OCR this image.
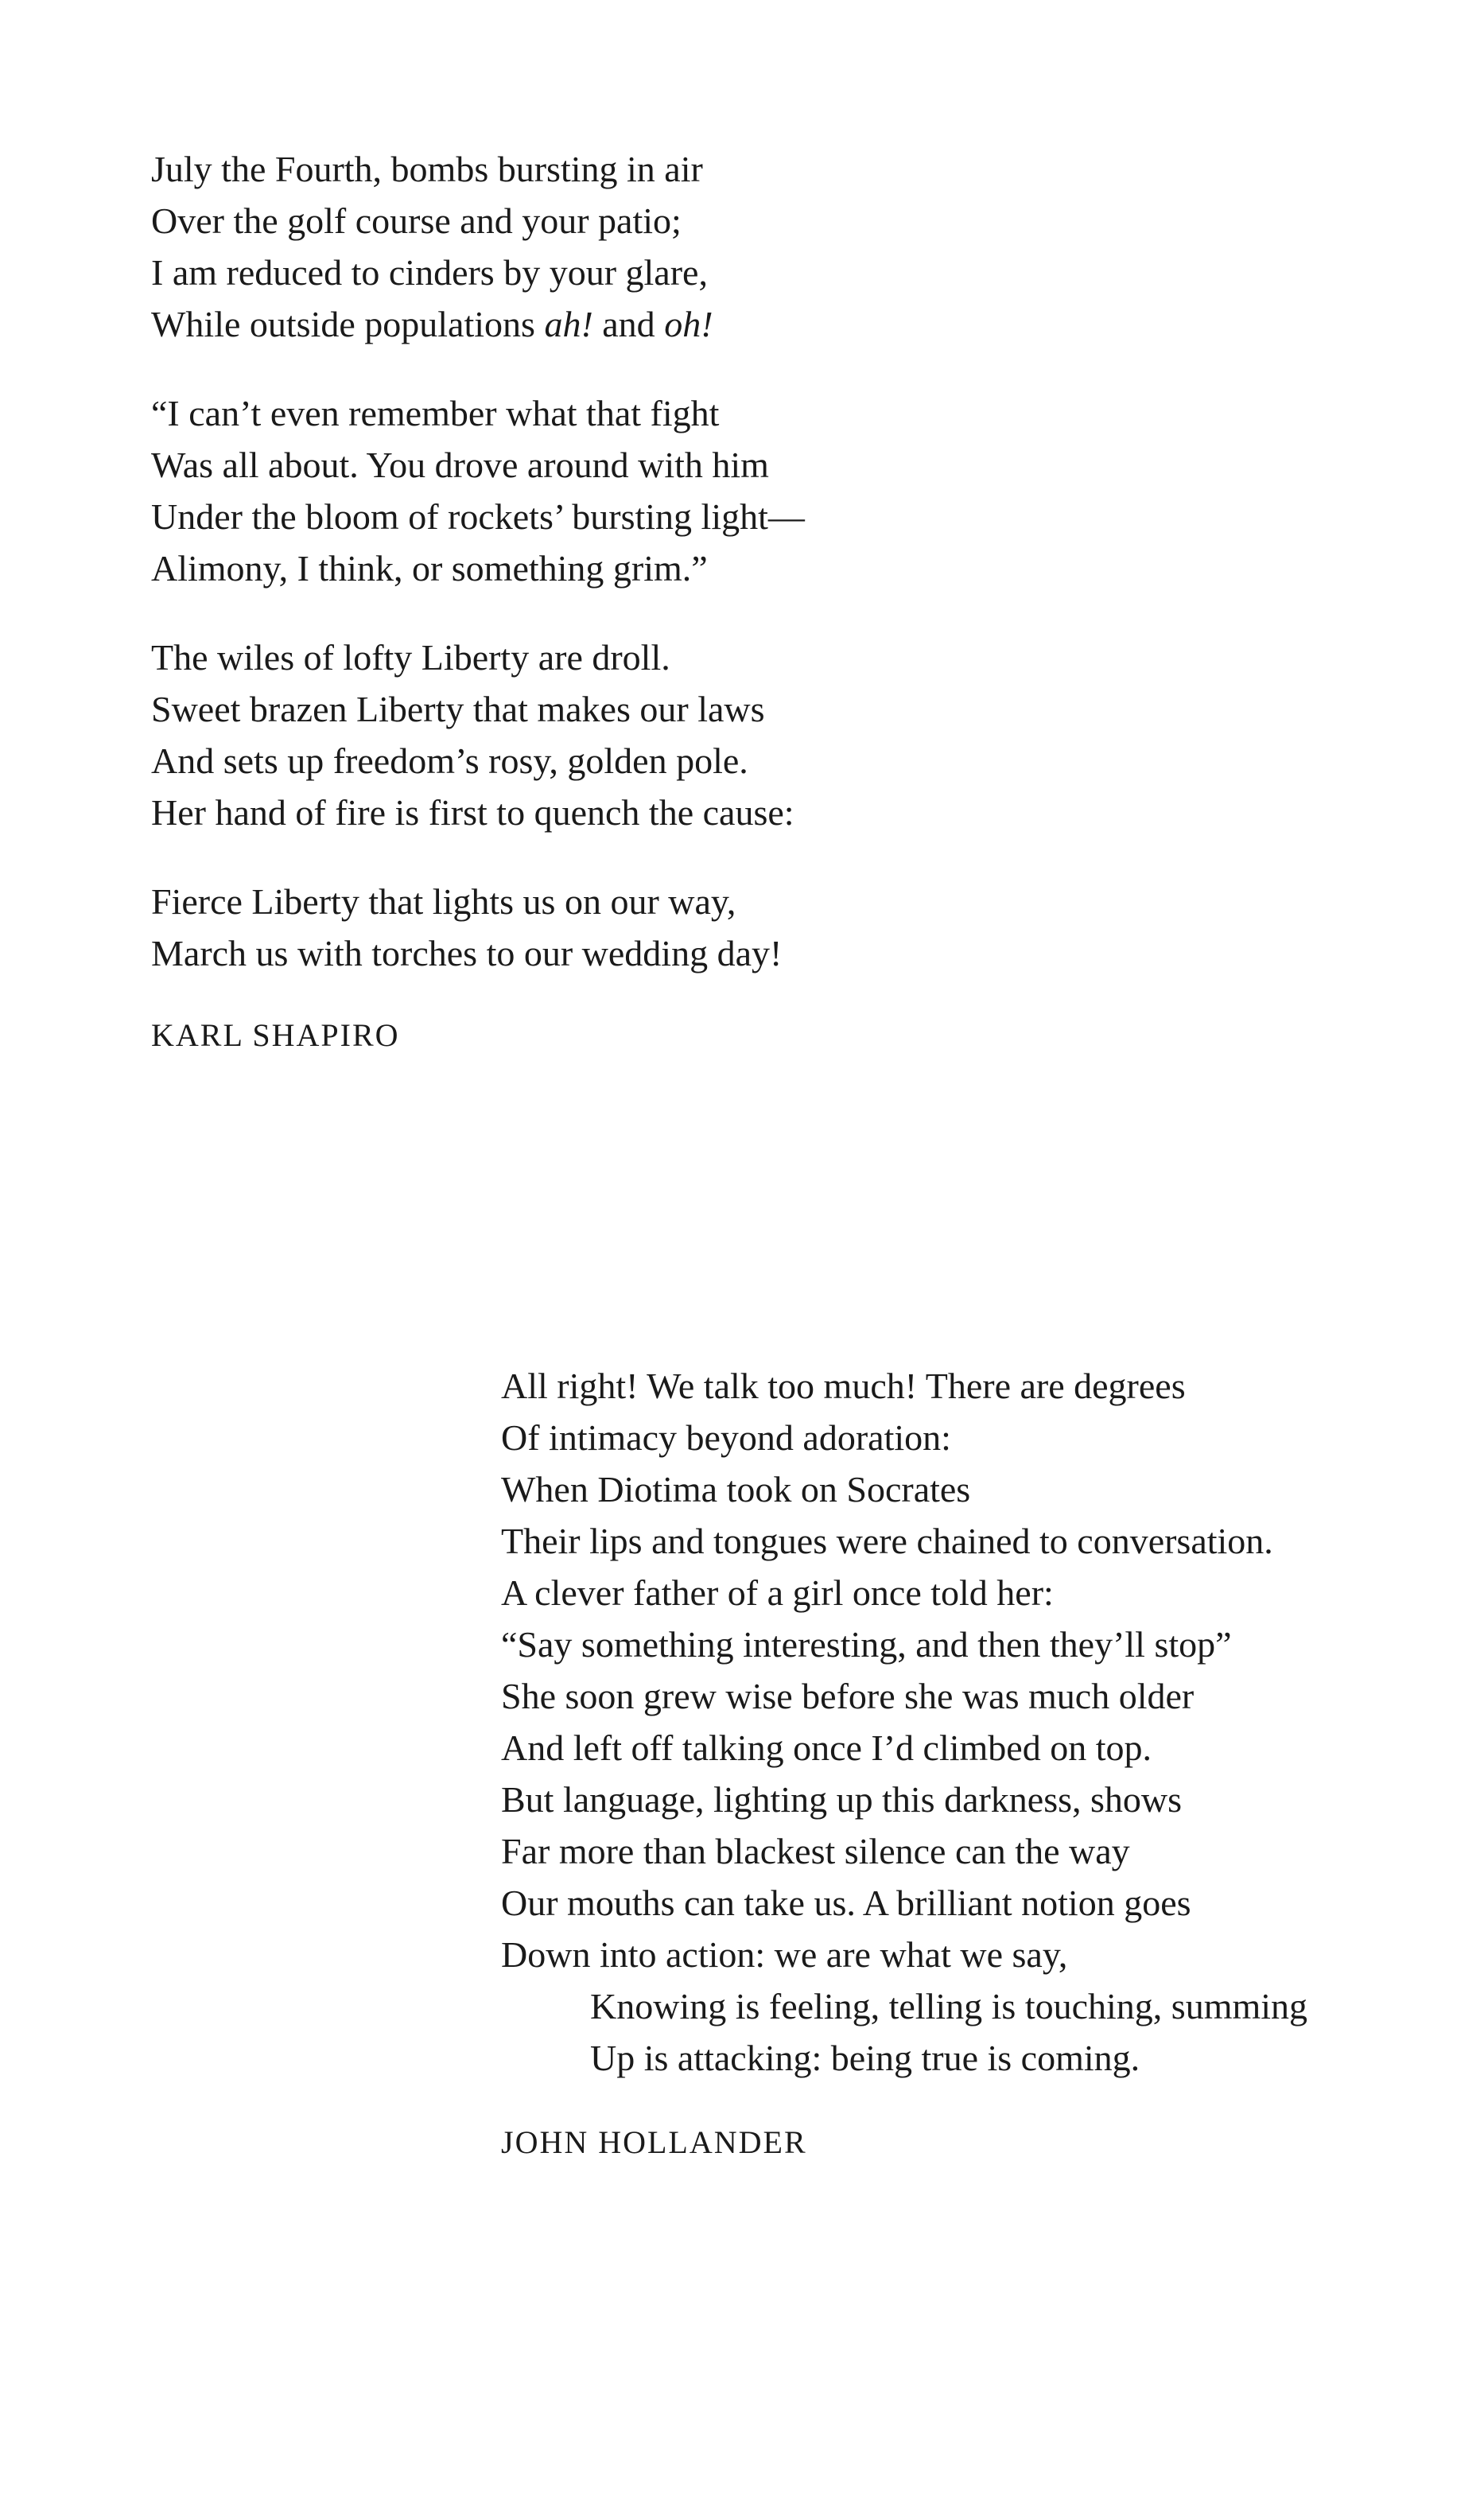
July the Fourth, bombs bursting in air
Over the golf course and your patio;
I am reduced to cinders by your glare,
While outside populations ah! and oh!
“I can’t even remember what that fight
Was all about. You drove around with him
Under the bloom of rockets’ bursting light—
Alimony, I think, or something grim.”
The wiles of lofty Liberty are droll.
Sweet brazen Liberty that makes our laws
And sets up freedom’s rosy, golden pole.
Her hand of fire is first to quench the cause:
Fierce Liberty that lights us on our way,
March us with torches to our wedding day!
KARL SHAPIRO
All right! We talk too much! There are degrees
Of intimacy beyond adoration:
When Diotima took on Socrates
Their lips and tongues were chained to conversation.
A clever father of a girl once told her:
“Say something interesting, and then they’ll stop”
She soon grew wise before she was much older
And left off talking once I’d climbed on top.
But language, lighting up this darkness, shows
Far more than blackest silence can the way
Our mouths can take us. A brilliant notion goes
Down into action: we are what we say,
Knowing is feeling, telling is touching, summing
Up is attacking: being true is coming.
JOHN HOLLANDER
